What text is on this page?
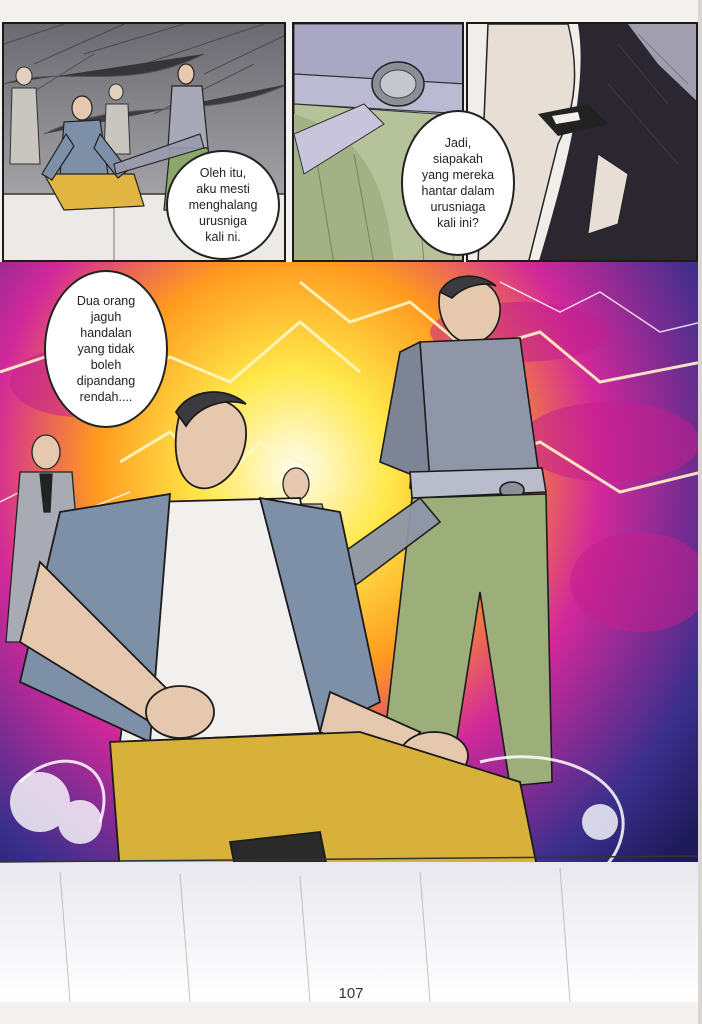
Oleh itu,
aku mesti
menghalang
urusniga
kali ni.
Jadi,
siapakah
yang mereka
hantar dalam
urusniaga
kali ini?
Dua orang
jaguh
handalan
yang tidak
boleh
dipandang
rendah....
107
